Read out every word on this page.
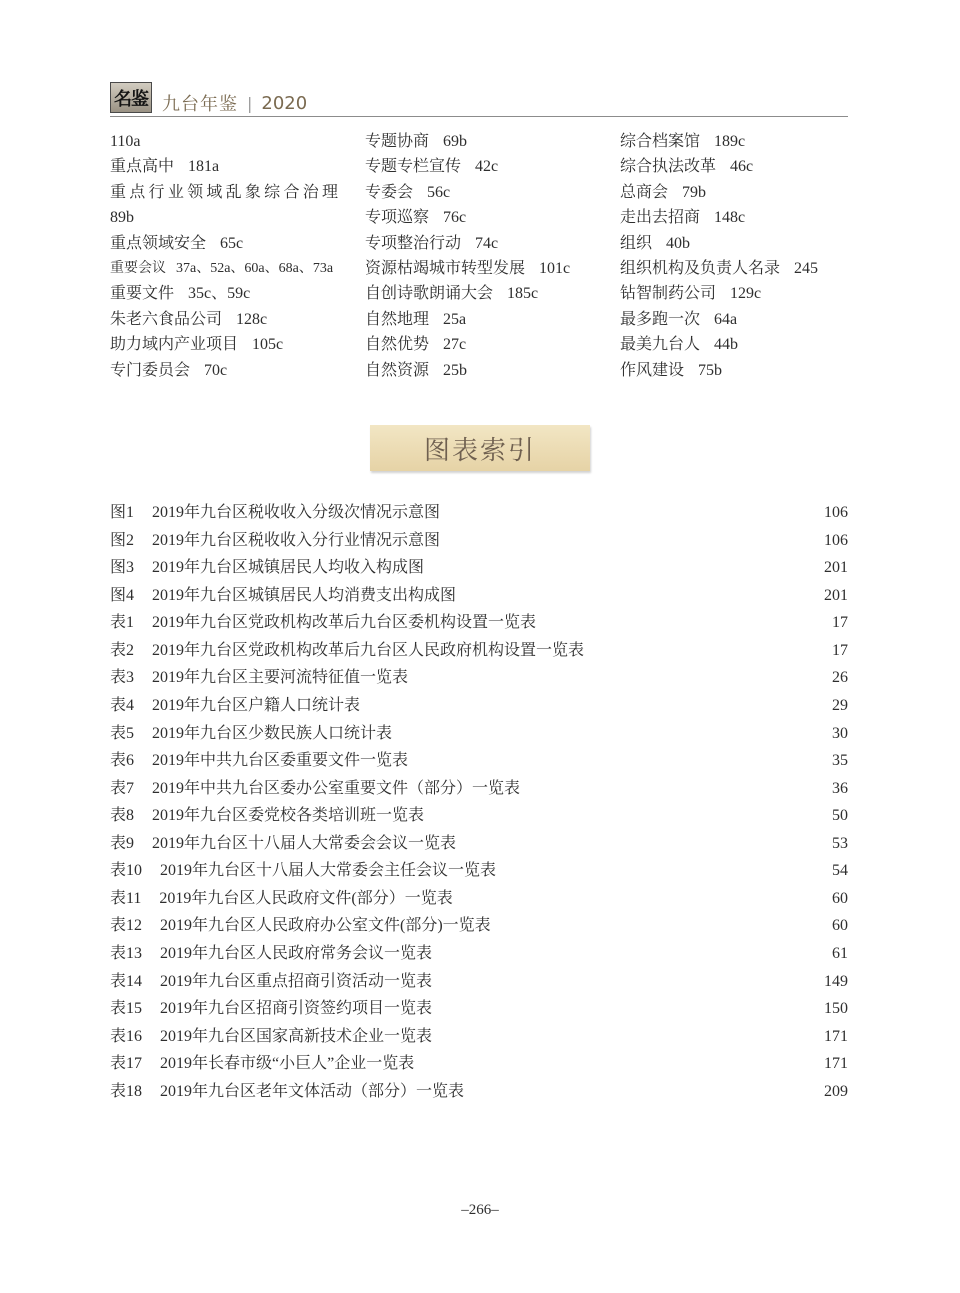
名鉴 九台年鉴 | 2020
110a
重点高中 181a
重点行业领域乱象综合治理
89b
重点领域安全 65c
重要会议 37a、52a、60a、68a、73a
重要文件 35c、59c
朱老六食品公司 128c
助力域内产业项目 105c
专门委员会 70c
专题协商 69b
专题专栏宣传 42c
专委会 56c
专项巡察 76c
专项整治行动 74c
资源枯竭城市转型发展 101c
自创诗歌朗诵大会 185c
自然地理 25a
自然优势 27c
自然资源 25b
综合档案馆 189c
综合执法改革 46c
总商会 79b
走出去招商 148c
组织 40b
组织机构及负责人名录 245
钻智制药公司 129c
最多跑一次 64a
最美九台人 44b
作风建设 75b
图表索引
图1 2019年九台区税收收入分级次情况示意图	106
图2 2019年九台区税收收入分行业情况示意图	106
图3 2019年九台区城镇居民人均收入构成图	201
图4 2019年九台区城镇居民人均消费支出构成图	201
表1 2019年九台区党政机构改革后九台区委机构设置一览表	17
表2 2019年九台区党政机构改革后九台区人民政府机构设置一览表	17
表3 2019年九台区主要河流特征值一览表	26
表4 2019年九台区户籍人口统计表	29
表5 2019年九台区少数民族人口统计表	30
表6 2019年中共九台区委重要文件一览表	35
表7 2019年中共九台区委办公室重要文件（部分）一览表	36
表8 2019年九台区委党校各类培训班一览表	50
表9 2019年九台区十八届人大常委会会议一览表	53
表10 2019年九台区十八届人大常委会主任会议一览表	54
表11 2019年九台区人民政府文件(部分）一览表	60
表12 2019年九台区人民政府办公室文件(部分)一览表	60
表13 2019年九台区人民政府常务会议一览表	61
表14 2019年九台区重点招商引资活动一览表	149
表15 2019年九台区招商引资签约项目一览表	150
表16 2019年九台区国家高新技术企业一览表	171
表17 2019年长春市级“小巨人”企业一览表	171
表18 2019年九台区老年文体活动（部分）一览表	209
–266–
